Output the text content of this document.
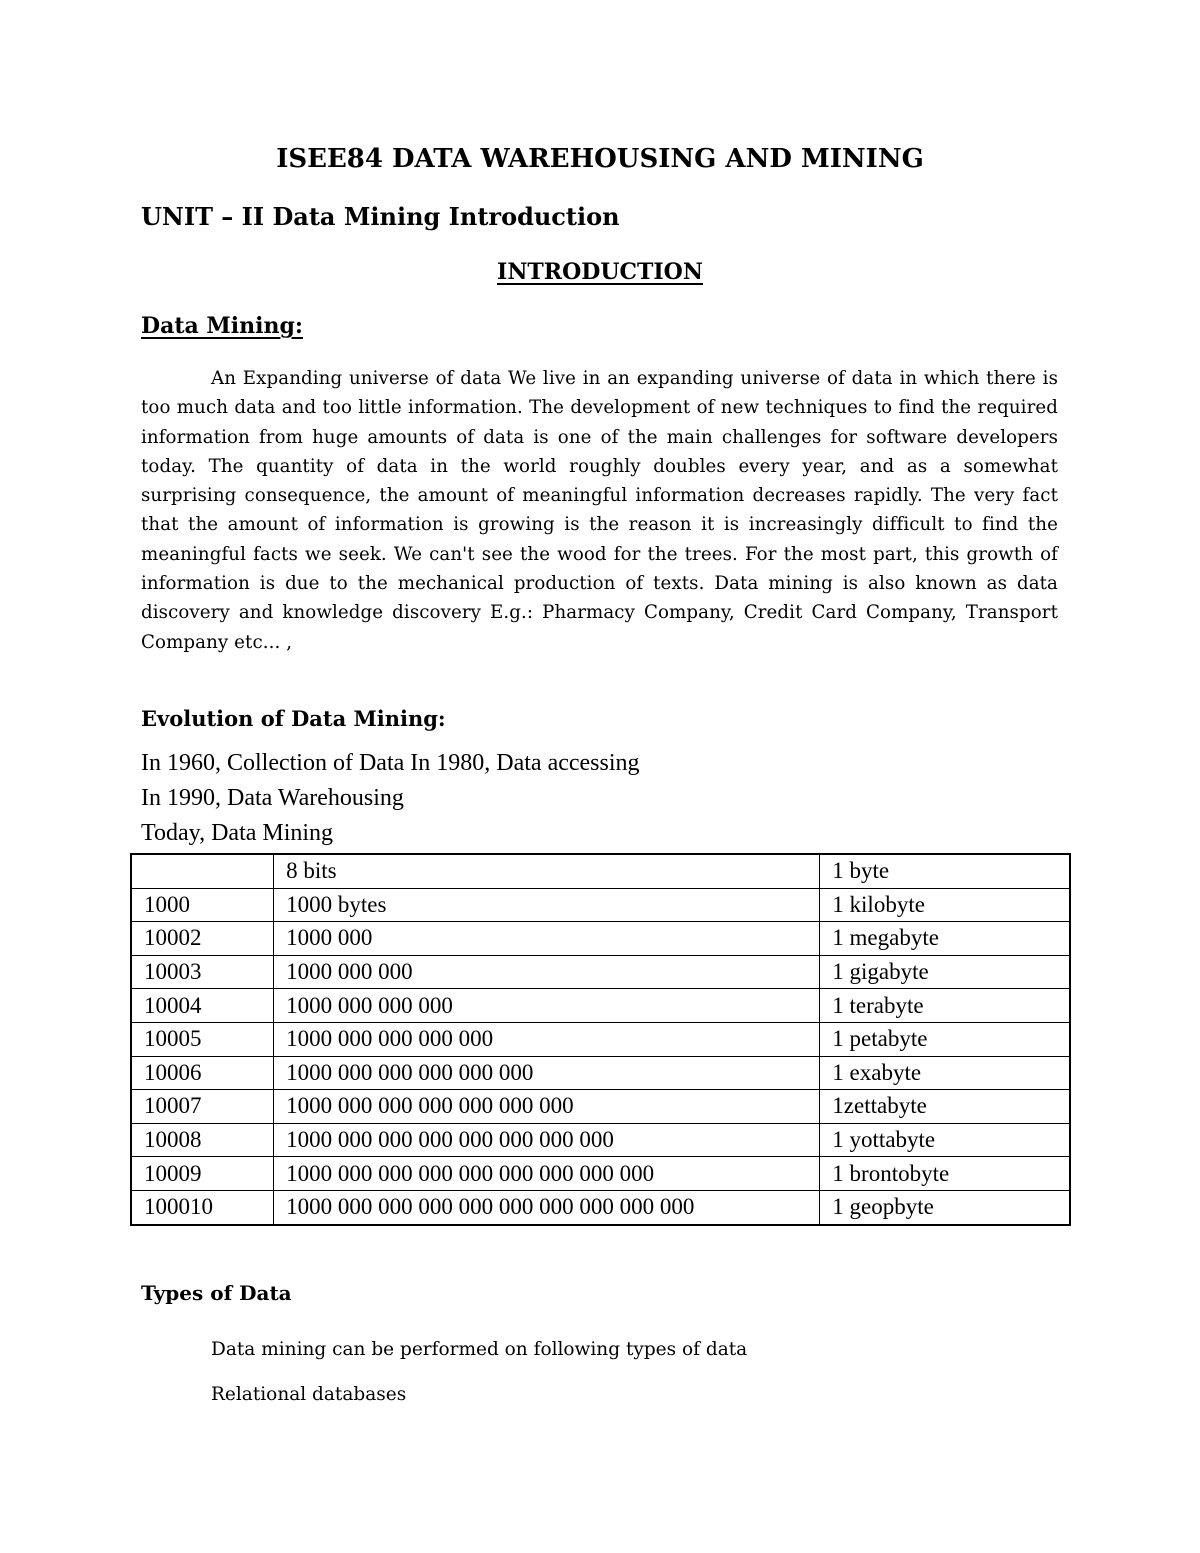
ISEE84 DATA WAREHOUSING AND MINING
UNIT – II Data Mining Introduction
INTRODUCTION
Data Mining:

An Expanding universe of data We live in an expanding universe of data in which there is too much data and too little information. The development of new techniques to find the required information from huge amounts of data is one of the main challenges for software developers today. The quantity of data in the world roughly doubles every year, and as a somewhat surprising consequence, the amount of meaningful information decreases rapidly. The very fact that the amount of information is growing is the reason it is increasingly difficult to find the meaningful facts we seek. We can't see the wood for the trees. For the most part, this growth of information is due to the mechanical production of texts. Data mining is also known as data discovery and knowledge discovery E.g.: Pharmacy Company, Credit Card Company, Transport Company etc... ,

Evolution of Data Mining:
In 1960, Collection of Data In 1980, Data accessing
In 1990, Data Warehousing
Today, Data Mining
	8 bits	1 byte
1000	1000 bytes	1 kilobyte
10002	1000 000	1 megabyte
10003	1000 000 000	1 gigabyte
10004	1000 000 000 000	1 terabyte
10005	1000 000 000 000 000	1 petabyte
10006	1000 000 000 000 000 000	1 exabyte
10007	1000 000 000 000 000 000 000	1zettabyte
10008	1000 000 000 000 000 000 000 000	1 yottabyte
10009	1000 000 000 000 000 000 000 000 000	1 brontobyte
100010	1000 000 000 000 000 000 000 000 000 000	1 geopbyte
Types of Data
Data mining can be performed on following types of data
Relational databases
